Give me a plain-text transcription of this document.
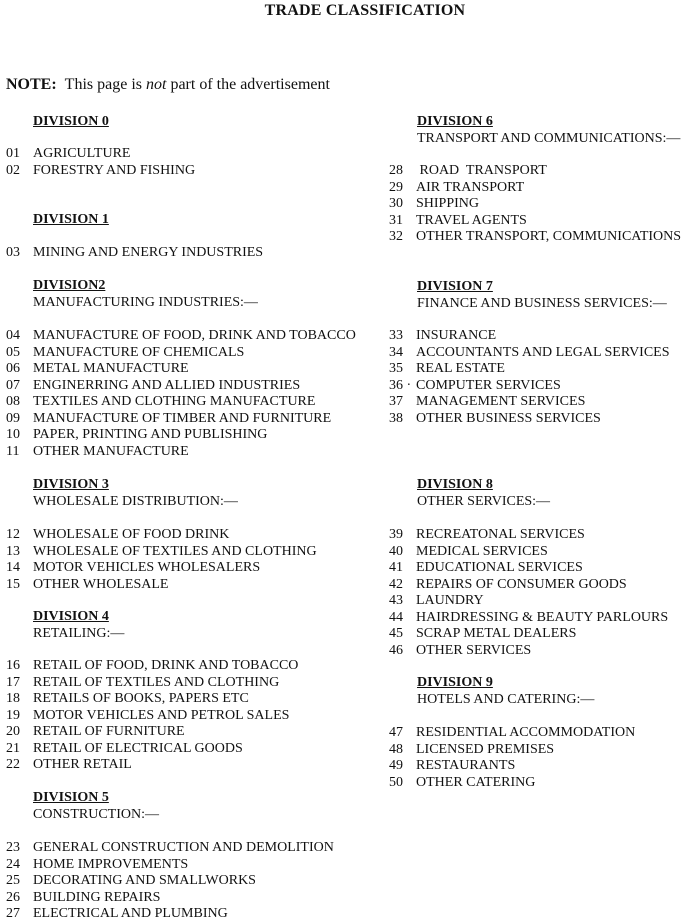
TRADE CLASSIFICATION
NOTE: This page is not part of the advertisement
DIVISION 0
01 AGRICULTURE
02 FORESTRY AND FISHING
DIVISION 1
03 MINING AND ENERGY INDUSTRIES
DIVISION2
MANUFACTURING INDUSTRIES:—
04 MANUFACTURE OF FOOD, DRINK AND TOBACCO
05 MANUFACTURE OF CHEMICALS
06 METAL MANUFACTURE
07 ENGINERRING AND ALLIED INDUSTRIES
08 TEXTILES AND CLOTHING MANUFACTURE
09 MANUFACTURE OF TIMBER AND FURNITURE
10 PAPER, PRINTING AND PUBLISHING
11 OTHER MANUFACTURE
DIVISION 3
WHOLESALE DISTRIBUTION:—
12 WHOLESALE OF FOOD DRINK
13 WHOLESALE OF TEXTILES AND CLOTHING
14 MOTOR VEHICLES WHOLESALERS
15 OTHER WHOLESALE
DIVISION 4
RETAILING:—
16 RETAIL OF FOOD, DRINK AND TOBACCO
17 RETAIL OF TEXTILES AND CLOTHING
18 RETAILS OF BOOKS, PAPERS ETC
19 MOTOR VEHICLES AND PETROL SALES
20 RETAIL OF FURNITURE
21 RETAIL OF ELECTRICAL GOODS
22 OTHER RETAIL
DIVISION 5
CONSTRUCTION:—
23 GENERAL CONSTRUCTION AND DEMOLITION
24 HOME IMPROVEMENTS
25 DECORATING AND SMALLWORKS
26 BUILDING REPAIRS
27 ELECTRICAL AND PLUMBING
DIVISION 6
TRANSPORT AND COMMUNICATIONS:—
28 ROAD  TRANSPORT
29 AIR TRANSPORT
30 SHIPPING
31 TRAVEL AGENTS
32 OTHER TRANSPORT, COMMUNICATIONS
DIVISION 7
FINANCE AND BUSINESS SERVICES:—
33 INSURANCE
34 ACCOUNTANTS AND LEGAL SERVICES
35 REAL ESTATE
36 · COMPUTER SERVICES
37 MANAGEMENT SERVICES
38 OTHER BUSINESS SERVICES
DIVISION 8
OTHER SERVICES:—
39 RECREATONAL SERVICES
40 MEDICAL SERVICES
41 EDUCATIONAL SERVICES
42 REPAIRS OF CONSUMER GOODS
43 LAUNDRY
44 HAIRDRESSING & BEAUTY PARLOURS
45 SCRAP METAL DEALERS
46 OTHER SERVICES
DIVISION 9
HOTELS AND CATERING:—
47 RESIDENTIAL ACCOMMODATION
48 LICENSED PREMISES
49 RESTAURANTS
50 OTHER CATERING
